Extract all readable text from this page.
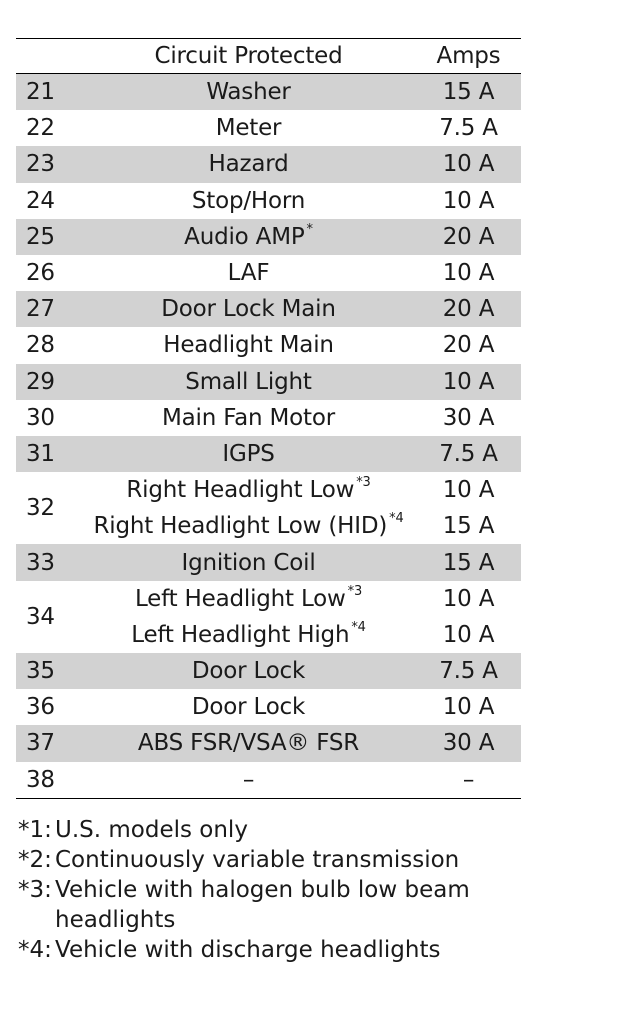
	Circuit Protected	Amps
21	Washer	15 A
22	Meter	7.5 A
23	Hazard	10 A
24	Stop/Horn	10 A
25	Audio AMP *	20 A
26	LAF	10 A
27	Door Lock Main	20 A
28	Headlight Main	20 A
29	Small Light	10 A
30	Main Fan Motor	30 A
31	IGPS	7.5 A
32	Right Headlight Low $^{*3}$	10 A
	Right Headlight Low (HID) $^{*4}$	15 A
33	Ignition Coil	15 A
34	Left Headlight Low $^{*3}$	10 A
	Left Headlight High $^{*4}$	10 A
35	Door Lock	7.5 A
36	Door Lock	10 A
37	ABS FSR/VSA® FSR	30 A
38	–	–
*1: U.S. models only
*2: Continuously variable transmission
*3: Vehicle with halogen bulb low beam headlights
*4: Vehicle with discharge headlights
